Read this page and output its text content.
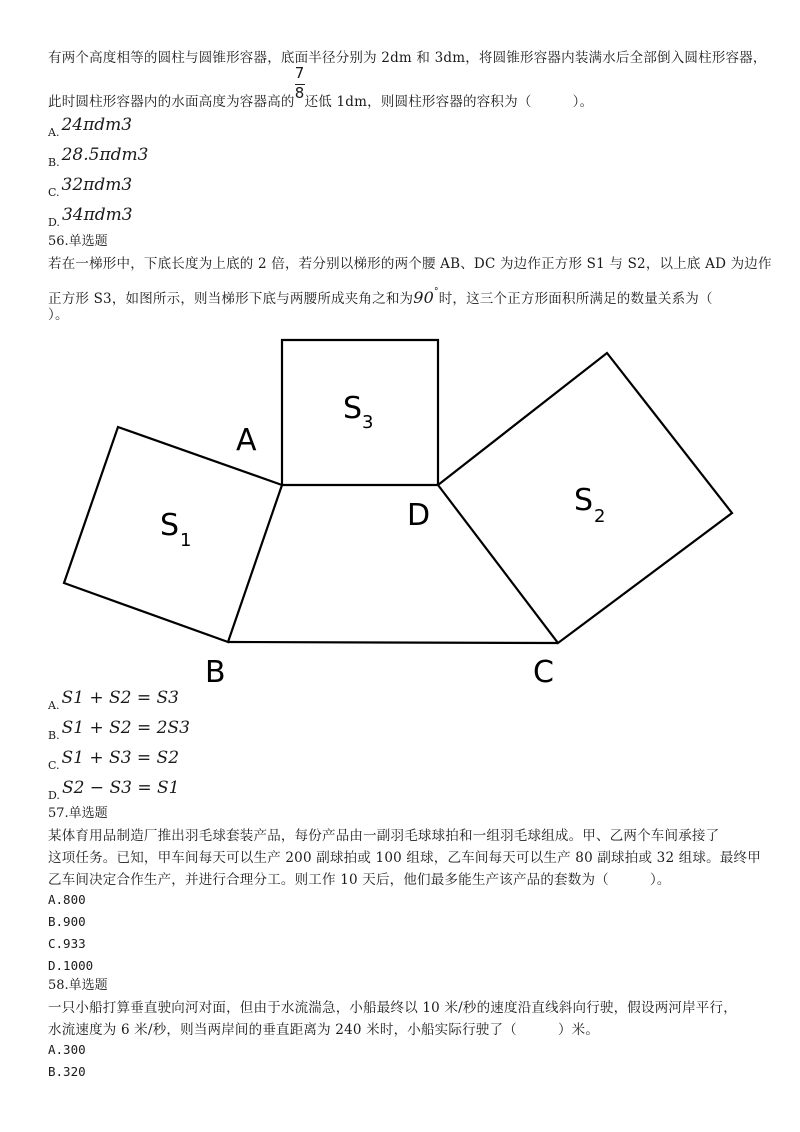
有两个高度相等的圆柱与圆锥形容器，底面半径分别为 2dm 和 3dm，将圆锥形容器内装满水后全部倒入圆柱形容器，
此时圆柱形容器内的水面高度为容器高的 $\frac{7}{8}$ 还低 1dm，则圆柱形容器的容积为（　　　）。
A. 24πdm3
B. 28.5πdm3
C. 32πdm3
D. 34πdm3
56.单选题
若在一梯形中，下底长度为上底的 2 倍，若分别以梯形的两个腰 AB、DC 为边作正方形 S1 与 S2，以上底 AD 为边作
正方形 S3，如图所示，则当梯形下底与两腰所成夹角之和为90°时，这三个正方形面积所满足的数量关系为（
）。
A
D
B	C
S 3
S 1
S 2
A. S1 + S2 = S3
B. S1 + S2 = 2S3
C. S1 + S3 = S2
D. S2 − S3 = S1
57.单选题
某体育用品制造厂推出羽毛球套装产品，每份产品由一副羽毛球球拍和一组羽毛球组成。甲、乙两个车间承接了
这项任务。已知，甲车间每天可以生产 200 副球拍或 100 组球，乙车间每天可以生产 80 副球拍或 32 组球。最终甲
乙车间决定合作生产，并进行合理分工。则工作 10 天后，他们最多能生产该产品的套数为（　　　）。
A.800
B.900
C.933
D.1000
58.单选题
一只小船打算垂直驶向河对面，但由于水流湍急，小船最终以 10 米/秒的速度沿直线斜向行驶，假设两河岸平行，
水流速度为 6 米/秒，则当两岸间的垂直距离为 240 米时，小船实际行驶了（　　　）米。
A.300
B.320
